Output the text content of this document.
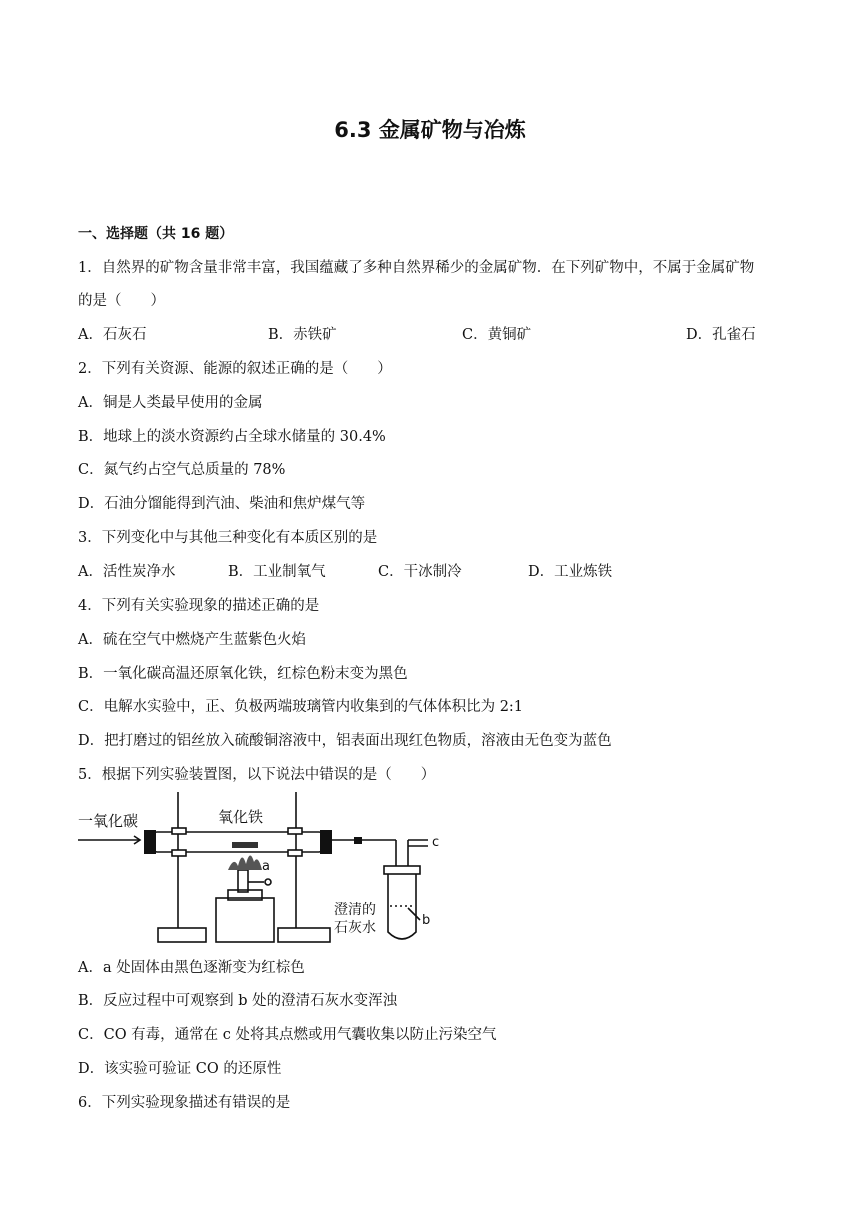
6.3 金属矿物与冶炼
一、选择题（共 16 题）
1．自然界的矿物含量非常丰富，我国蕴藏了多种自然界稀少的金属矿物．在下列矿物中，不属于金属矿物
的是（　　）
A．石灰石	B．赤铁矿	C．黄铜矿	D．孔雀石
2．下列有关资源、能源的叙述正确的是（　　）
A．铜是人类最早使用的金属
B．地球上的淡水资源约占全球水储量的 30.4%
C．氮气约占空气总质量的 78%
D．石油分馏能得到汽油、柴油和焦炉煤气等
3．下列变化中与其他三种变化有本质区别的是
A．活性炭净水	B．工业制氧气	C．干冰制冷	D．工业炼铁
4．下列有关实验现象的描述正确的是
A．硫在空气中燃烧产生蓝紫色火焰
B．一氧化碳高温还原氧化铁，红棕色粉末变为黑色
C．电解水实验中，正、负极两端玻璃管内收集到的气体体积比为 2:1
D．把打磨过的铝丝放入硫酸铜溶液中，铝表面出现红色物质，溶液由无色变为蓝色
5．根据下列实验装置图，以下说法中错误的是（　　）
一氧化碳	氧化铁
a
b
c
澄清的
石灰水
A．a 处固体由黑色逐渐变为红棕色
B．反应过程中可观察到 b 处的澄清石灰水变浑浊
C．CO 有毒，通常在 c 处将其点燃或用气囊收集以防止污染空气
D．该实验可验证 CO 的还原性
6．下列实验现象描述有错误的是
